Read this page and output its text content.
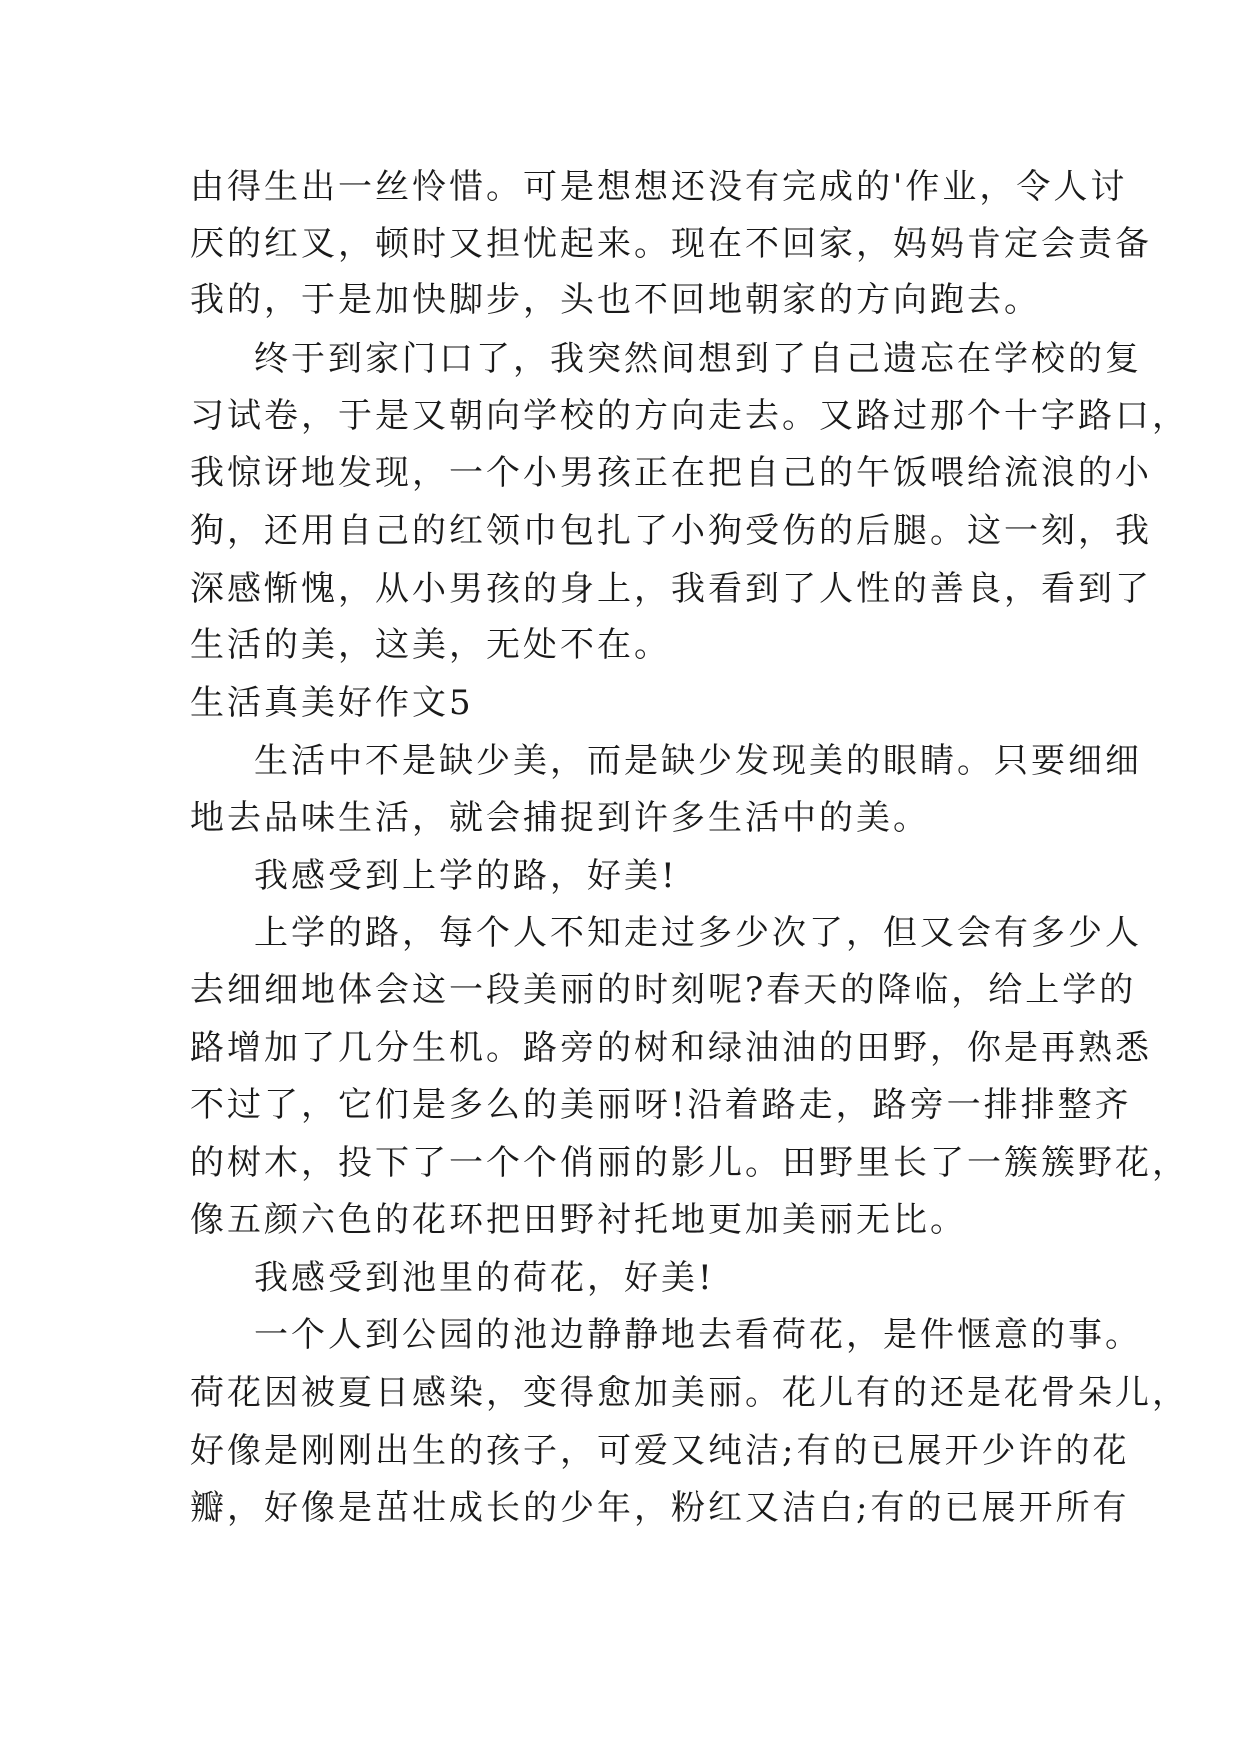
由得生出一丝怜惜。可是想想还没有完成的'作业，令人讨
厌的红叉，顿时又担忧起来。现在不回家，妈妈肯定会责备
我的，于是加快脚步，头也不回地朝家的方向跑去。
终于到家门口了，我突然间想到了自己遗忘在学校的复
习试卷，于是又朝向学校的方向走去。又路过那个十字路口，
我惊讶地发现，一个小男孩正在把自己的午饭喂给流浪的小
狗，还用自己的红领巾包扎了小狗受伤的后腿。这一刻，我
深感惭愧，从小男孩的身上，我看到了人性的善良，看到了
生活的美，这美，无处不在。
生活真美好作文5
生活中不是缺少美，而是缺少发现美的眼睛。只要细细
地去品味生活，就会捕捉到许多生活中的美。
我感受到上学的路，好美!
上学的路，每个人不知走过多少次了，但又会有多少人
去细细地体会这一段美丽的时刻呢?春天的降临，给上学的
路增加了几分生机。路旁的树和绿油油的田野，你是再熟悉
不过了，它们是多么的美丽呀!沿着路走，路旁一排排整齐
的树木，投下了一个个俏丽的影儿。田野里长了一簇簇野花，
像五颜六色的花环把田野衬托地更加美丽无比。
我感受到池里的荷花，好美!
一个人到公园的池边静静地去看荷花，是件惬意的事。
荷花因被夏日感染，变得愈加美丽。花儿有的还是花骨朵儿，
好像是刚刚出生的孩子，可爱又纯洁;有的已展开少许的花
瓣，好像是茁壮成长的少年，粉红又洁白;有的已展开所有
